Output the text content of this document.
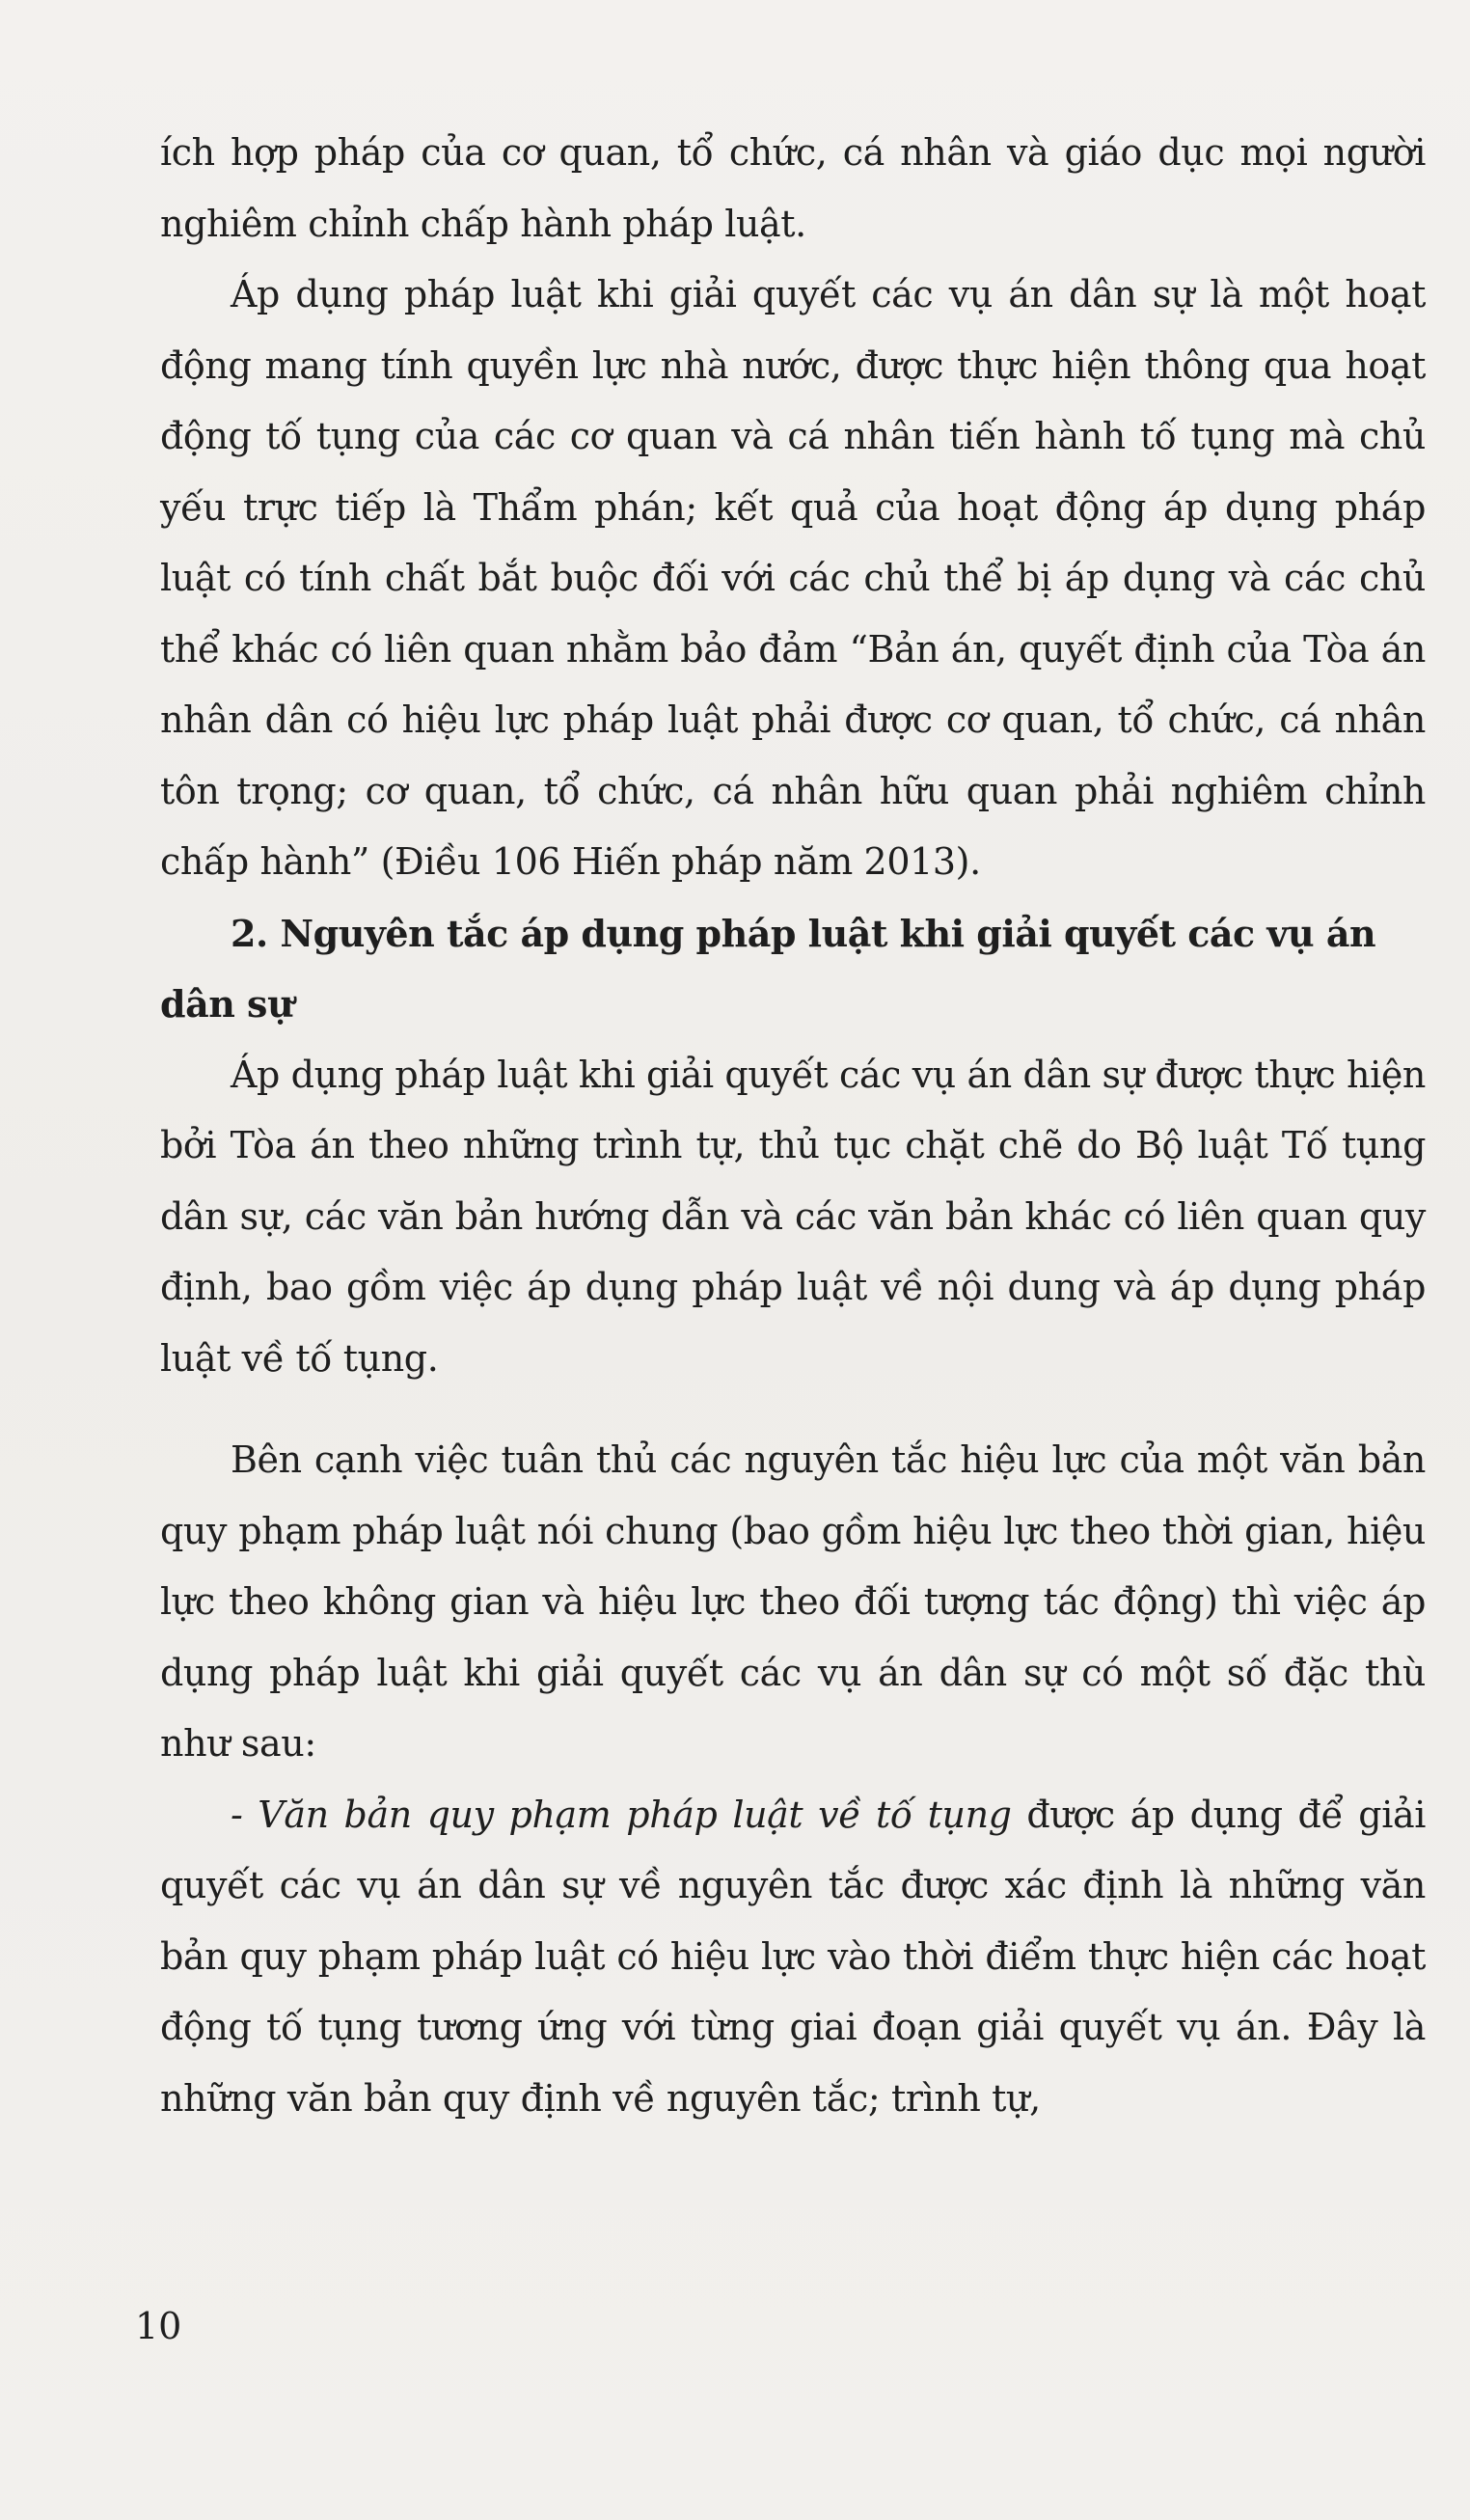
ích hợp pháp của cơ quan, tổ chức, cá nhân và giáo dục mọi người nghiêm chỉnh chấp hành pháp luật.

Áp dụng pháp luật khi giải quyết các vụ án dân sự là một hoạt động mang tính quyền lực nhà nước, được thực hiện thông qua hoạt động tố tụng của các cơ quan và cá nhân tiến hành tố tụng mà chủ yếu trực tiếp là Thẩm phán; kết quả của hoạt động áp dụng pháp luật có tính chất bắt buộc đối với các chủ thể bị áp dụng và các chủ thể khác có liên quan nhằm bảo đảm “Bản án, quyết định của Tòa án nhân dân có hiệu lực pháp luật phải được cơ quan, tổ chức, cá nhân tôn trọng; cơ quan, tổ chức, cá nhân hữu quan phải nghiêm chỉnh chấp hành” (Điều 106 Hiến pháp năm 2013).

2. Nguyên tắc áp dụng pháp luật khi giải quyết các vụ án dân sự

Áp dụng pháp luật khi giải quyết các vụ án dân sự được thực hiện bởi Tòa án theo những trình tự, thủ tục chặt chẽ do Bộ luật Tố tụng dân sự, các văn bản hướng dẫn và các văn bản khác có liên quan quy định, bao gồm việc áp dụng pháp luật về nội dung và áp dụng pháp luật về tố tụng.

Bên cạnh việc tuân thủ các nguyên tắc hiệu lực của một văn bản quy phạm pháp luật nói chung (bao gồm hiệu lực theo thời gian, hiệu lực theo không gian và hiệu lực theo đối tượng tác động) thì việc áp dụng pháp luật khi giải quyết các vụ án dân sự có một số đặc thù như sau:

- Văn bản quy phạm pháp luật về tố tụng được áp dụng để giải quyết các vụ án dân sự về nguyên tắc được xác định là những văn bản quy phạm pháp luật có hiệu lực vào thời điểm thực hiện các hoạt động tố tụng tương ứng với từng giai đoạn giải quyết vụ án. Đây là những văn bản quy định về nguyên tắc; trình tự,

10
